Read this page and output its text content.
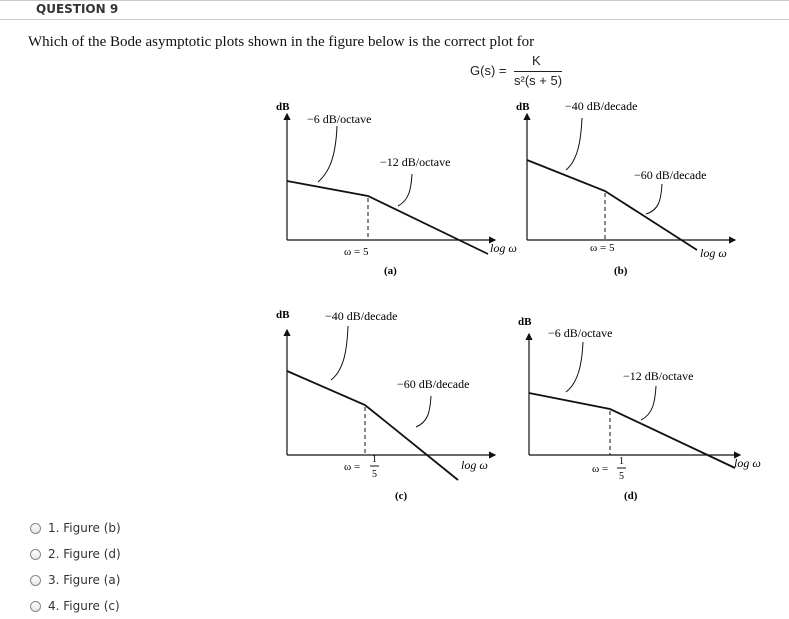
QUESTION 9
Which of the Bode asymptotic plots shown in the figure below is the correct plot for
G(s) =
K
s²(s + 5)
dB
−6 dB/octave
−12 dB/octave
ω = 5	log ω
(a)
dB	−40 dB/decade
−60 dB/decade
ω = 5	log ω
(b)
dB	−40 dB/decade
−60 dB/decade
ω =
1
5
log ω
(c)
dB
−6 dB/octave
−12 dB/octave
ω =
1
5
log ω
(d)
1. Figure (b)
2. Figure (d)
3. Figure (a)
4. Figure (c)
